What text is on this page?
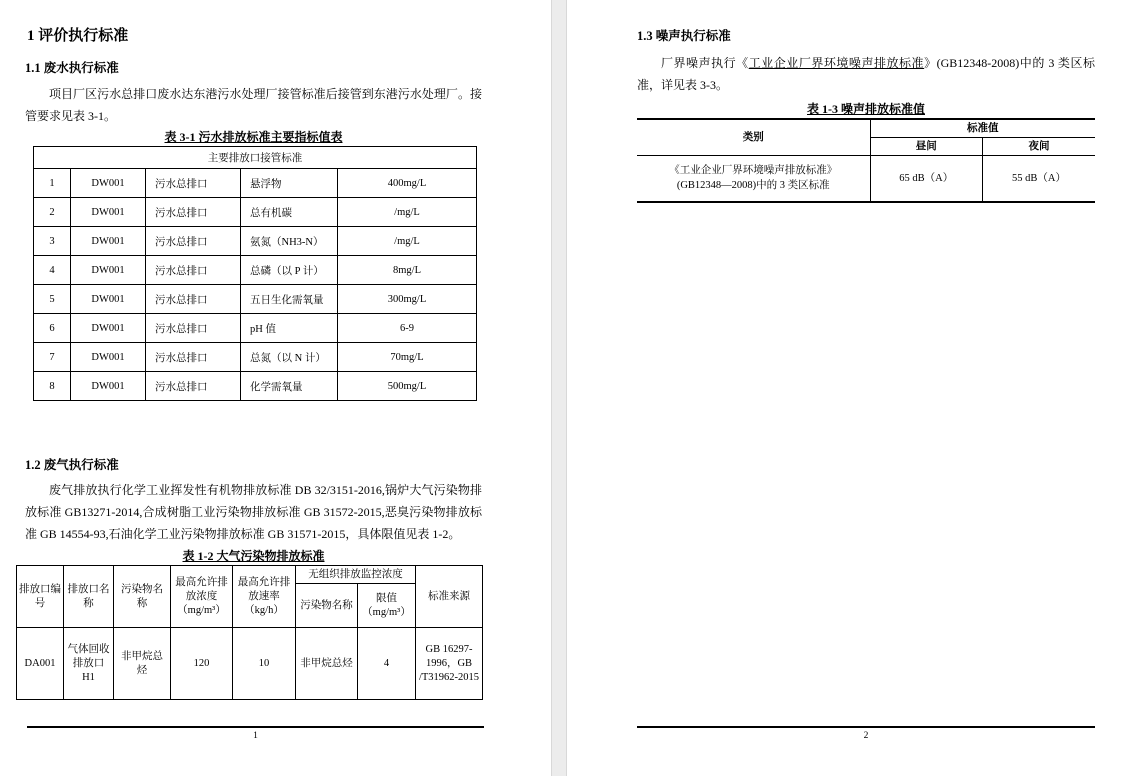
1 评价执行标准
1.1 废水执行标准

项目厂区污水总排口废水达东港污水处理厂接管标准后接管到东港污水处理厂。接管要求见表 3-1。

表 3-1 污水排放标准主要指标值表
主要排放口接管标准				
1	DW001	污水总排口	悬浮物	400mg/L
2	DW001	污水总排口	总有机碳	/mg/L
3	DW001	污水总排口	氨氮（NH3-N）	/mg/L
4	DW001	污水总排口	总磷（以 P 计）	8mg/L
5	DW001	污水总排口	五日生化需氧量	300mg/L
6	DW001	污水总排口	pH 值	6-9
7	DW001	污水总排口	总氮（以 N 计）	70mg/L
8	DW001	污水总排口	化学需氧量	500mg/L
1.2 废气执行标准

废气排放执行化学工业挥发性有机物排放标准 DB 32/3151-2016,锅炉大气污染物排放标准 GB13271-2014,合成树脂工业污染物排放标准 GB 31572-2015,恶臭污染物排放标准 GB 14554-93,石油化学工业污染物排放标准 GB 31571-2015，具体限值见表 1-2。

表 1-2 大气污染物排放标准
排放口编号	排放口名称	污染物名称	最高允许排放浓度（mg/m³）	最高允许排放速率（kg/h）	无组织排放监控浓度		标准来源
					污染物名称	限值（mg/m³）	
DA001	气体回收排放口 H1	非甲烷总烃	120	10	非甲烷总烃	4	GB 16297-1996，GB /T31962-2015
1
1.3 噪声执行标准

厂界噪声执行《工业企业厂界环境噪声排放标准》(GB12348-2008)中的 3 类区标准，详见表 3-3。

表 1-3 噪声排放标准值
类别	标准值	
	昼间	夜间

《工业企业厂界环境噪声排放标准》
(GB12348—2008)中的 3 类区标准	65 dB（A）	55 dB（A）
2
